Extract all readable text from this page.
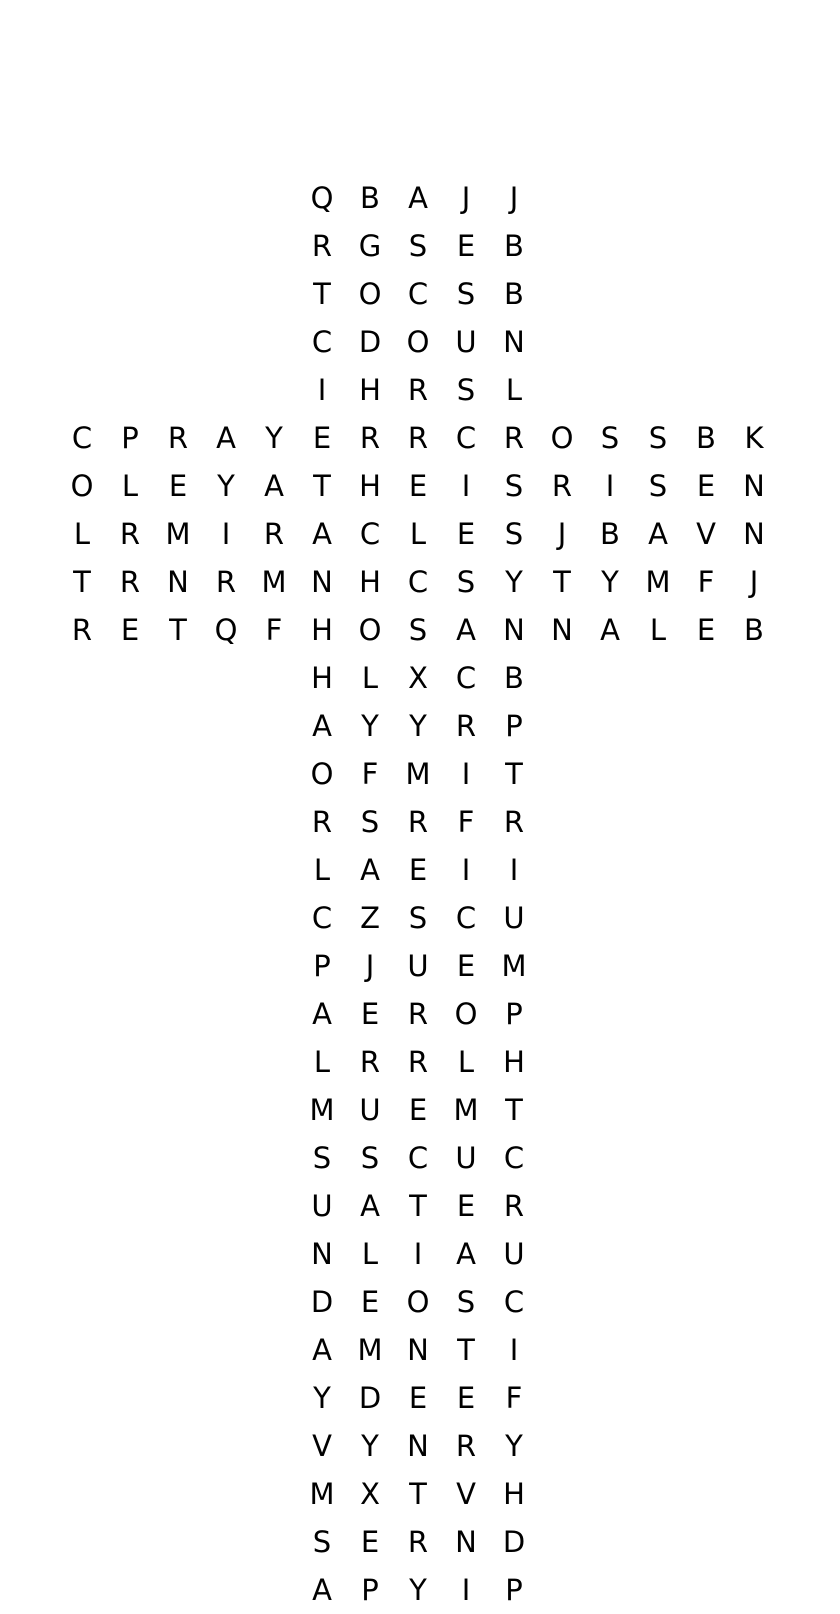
Q B A	J	J
R G S	E B
T O C S B
C D O U N
I	H R S	L
C	P	R A	Y	E R R C R O S	S B K
O L	E	Y	A	T H E	I	S R	I	S	E N
L	R M	I	R A C	L	E	S	J	B A V N
T	R N R M N H C S	Y	T	Y M F	J
R E	T Q F H O S A N N A	L	E B
H	L	X C B
A	Y	Y	R	P
O F M	I	T
R S R	F	R
L	A E	I	I
C Z S C U
P	J	U E M
A E R O P
L	R R	L	H
M U E M T
S	S C U C
U A	T	E R
N	L	I	A U
D E O S C
A M N T	I
Y D E	E	F
V	Y N R	Y
M X	T	V H
S	E R N D
A	P	Y	I	P
